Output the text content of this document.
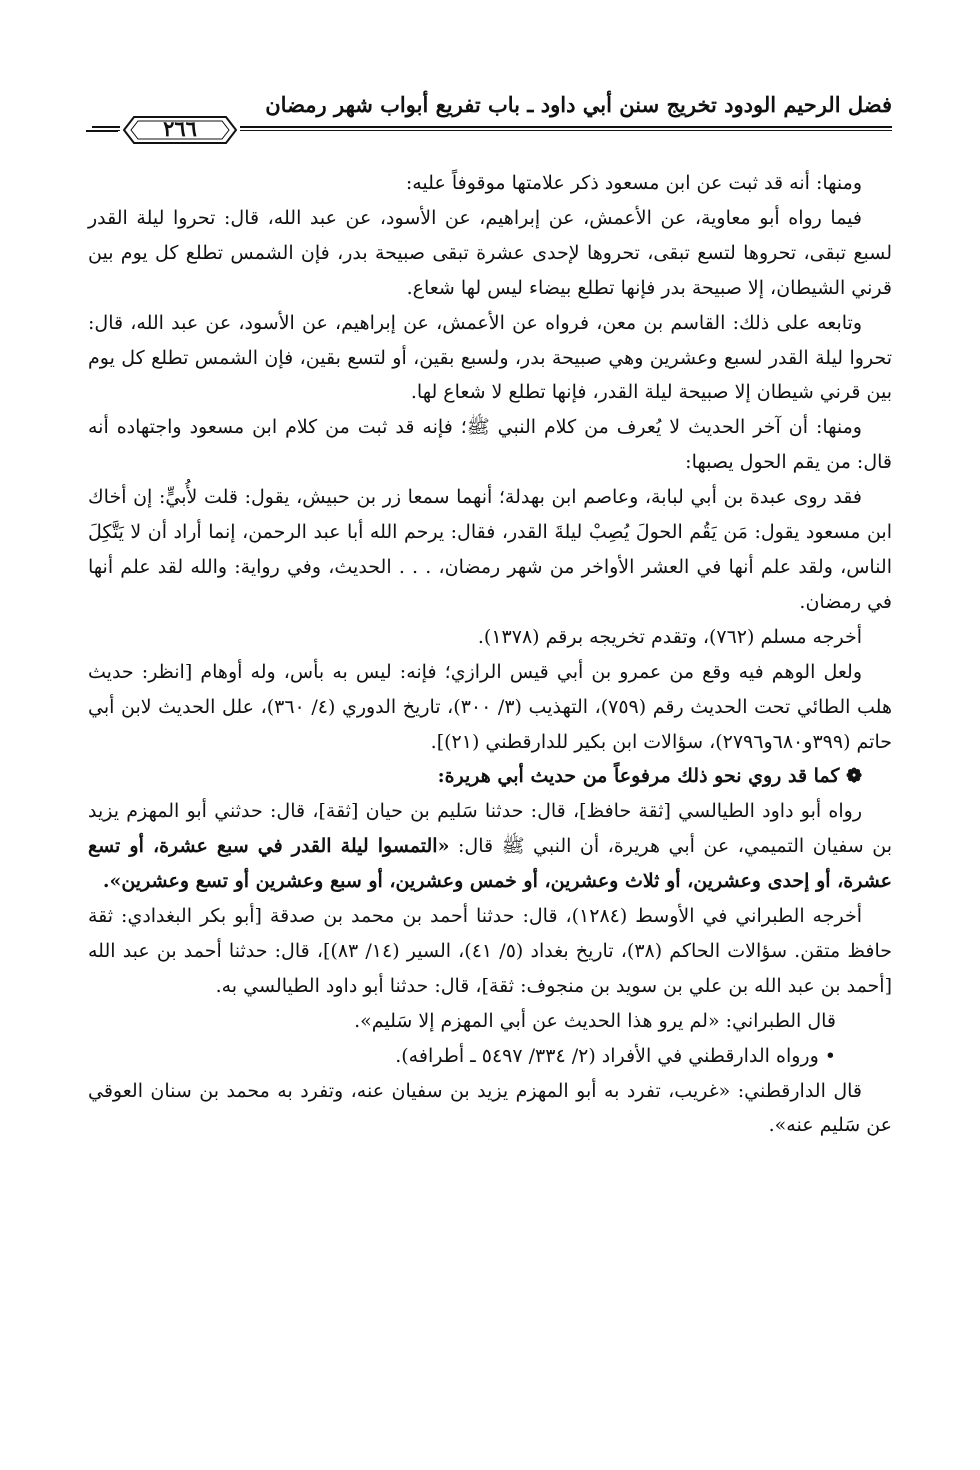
فضل الرحيم الودود تخريج سنن أبي داود ـ باب تفريع أبواب شهر رمضان
٢٦٦

ومنها: أنه قد ثبت عن ابن مسعود ذكر علامتها موقوفاً عليه:

فيما رواه أبو معاوية، عن الأعمش، عن إبراهيم، عن الأسود، عن عبد الله، قال: تحروا ليلة القدر لسبع تبقى، تحروها لتسع تبقى، تحروها لإحدى عشرة تبقى صبيحة بدر، فإن الشمس تطلع كل يوم بين قرني الشيطان، إلا صبيحة بدر فإنها تطلع بيضاء ليس لها شعاع.

وتابعه على ذلك: القاسم بن معن، فرواه عن الأعمش، عن إبراهيم، عن الأسود، عن عبد الله، قال: تحروا ليلة القدر لسبع وعشرين وهي صبيحة بدر، ولسبع بقين، أو لتسع بقين، فإن الشمس تطلع كل يوم بين قرني شيطان إلا صبيحة ليلة القدر، فإنها تطلع لا شعاع لها.

ومنها: أن آخر الحديث لا يُعرف من كلام النبي ﷺ؛ فإنه قد ثبت من كلام ابن مسعود واجتهاده أنه قال: من يقم الحول يصبها:

فقد روى عبدة بن أبي لبابة، وعاصم ابن بهدلة؛ أنهما سمعا زر بن حبيش، يقول: قلت لأُبيٍّ: إن أخاك ابن مسعود يقول: مَن يَقُم الحولَ يُصِبْ ليلةَ القدر، فقال: يرحم الله أبا عبد الرحمن، إنما أراد أن لا يَتَّكِلَ الناس، ولقد علم أنها في العشر الأواخر من شهر رمضان، . . . الحديث، وفي رواية: والله لقد علم أنها في رمضان.

أخرجه مسلم (٧٦٢)، وتقدم تخريجه برقم (١٣٧٨).

ولعل الوهم فيه وقع من عمرو بن أبي قيس الرازي؛ فإنه: ليس به بأس، وله أوهام [انظر: حديث هلب الطائي تحت الحديث رقم (٧٥٩)، التهذيب (٣/ ٣٠٠)، تاريخ الدوري (٤/ ٣٦٠)، علل الحديث لابن أبي حاتم (٣٩٩و٦٨٠و٢٧٩٦)، سؤالات ابن بكير للدارقطني (٢١)].

❁ كما قد روي نحو ذلك مرفوعاً من حديث أبي هريرة:

رواه أبو داود الطيالسي [ثقة حافظ]، قال: حدثنا سَليم بن حيان [ثقة]، قال: حدثني أبو المهزم يزيد بن سفيان التميمي، عن أبي هريرة، أن النبي ﷺ قال: «التمسوا ليلة القدر في سبع عشرة، أو تسع عشرة، أو إحدى وعشرين، أو ثلاث وعشرين، أو خمس وعشرين، أو سبع وعشرين أو تسع وعشرين».

أخرجه الطبراني في الأوسط (١٢٨٤)، قال: حدثنا أحمد بن محمد بن صدقة [أبو بكر البغدادي: ثقة حافظ متقن. سؤالات الحاكم (٣٨)، تاريخ بغداد (٥/ ٤١)، السير (١٤/ ٨٣)]، قال: حدثنا أحمد بن عبد الله [أحمد بن عبد الله بن علي بن سويد بن منجوف: ثقة]، قال: حدثنا أبو داود الطيالسي به.

قال الطبراني: «لم يرو هذا الحديث عن أبي المهزم إلا سَليم».

• ورواه الدارقطني في الأفراد (٢/ ٣٣٤/ ٥٤٩٧ ـ أطرافه).

قال الدارقطني: «غريب، تفرد به أبو المهزم يزيد بن سفيان عنه، وتفرد به محمد بن سنان العوقي عن سَليم عنه».
